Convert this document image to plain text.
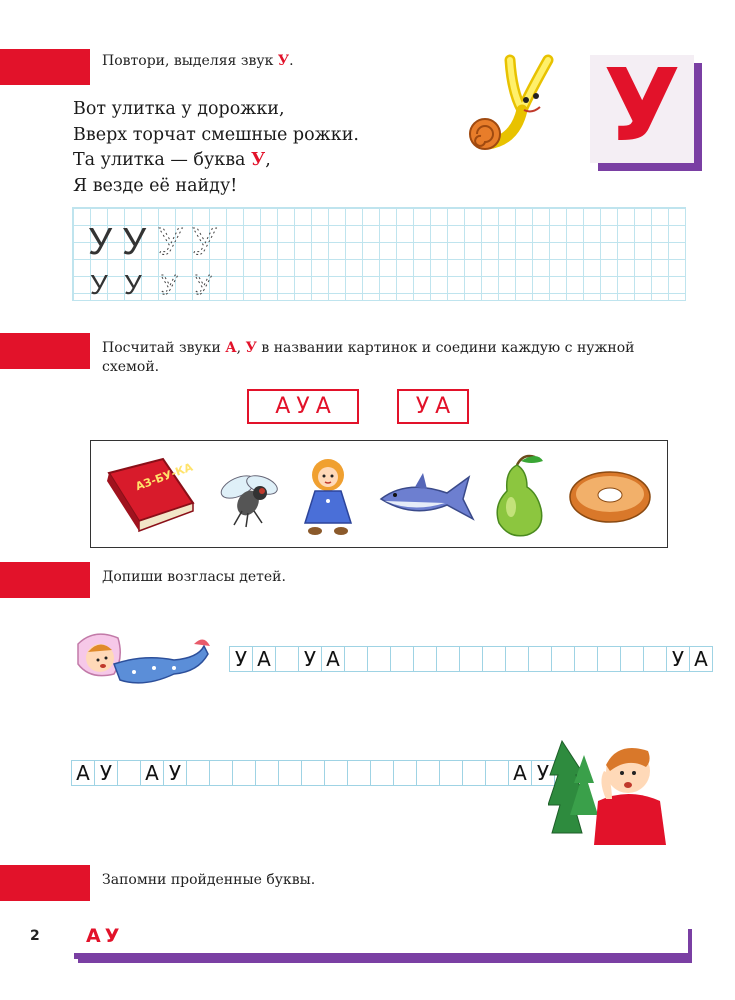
Повтори, выделяя звук У.
Вот улитка у дорожки,
Вверх торчат смешные рожки.
Та улитка — буква У,
Я везде её найду!
У
У У У У
У У У У
Посчитай звуки А, У в названии картинок и соедини каждую с нужной схемой.
АУА	УА
АЗ-БУ-КА
Допиши возгласы детей.
У А У А	У А
А У А У	А У
Запомни пройденные буквы.
2 АУ
